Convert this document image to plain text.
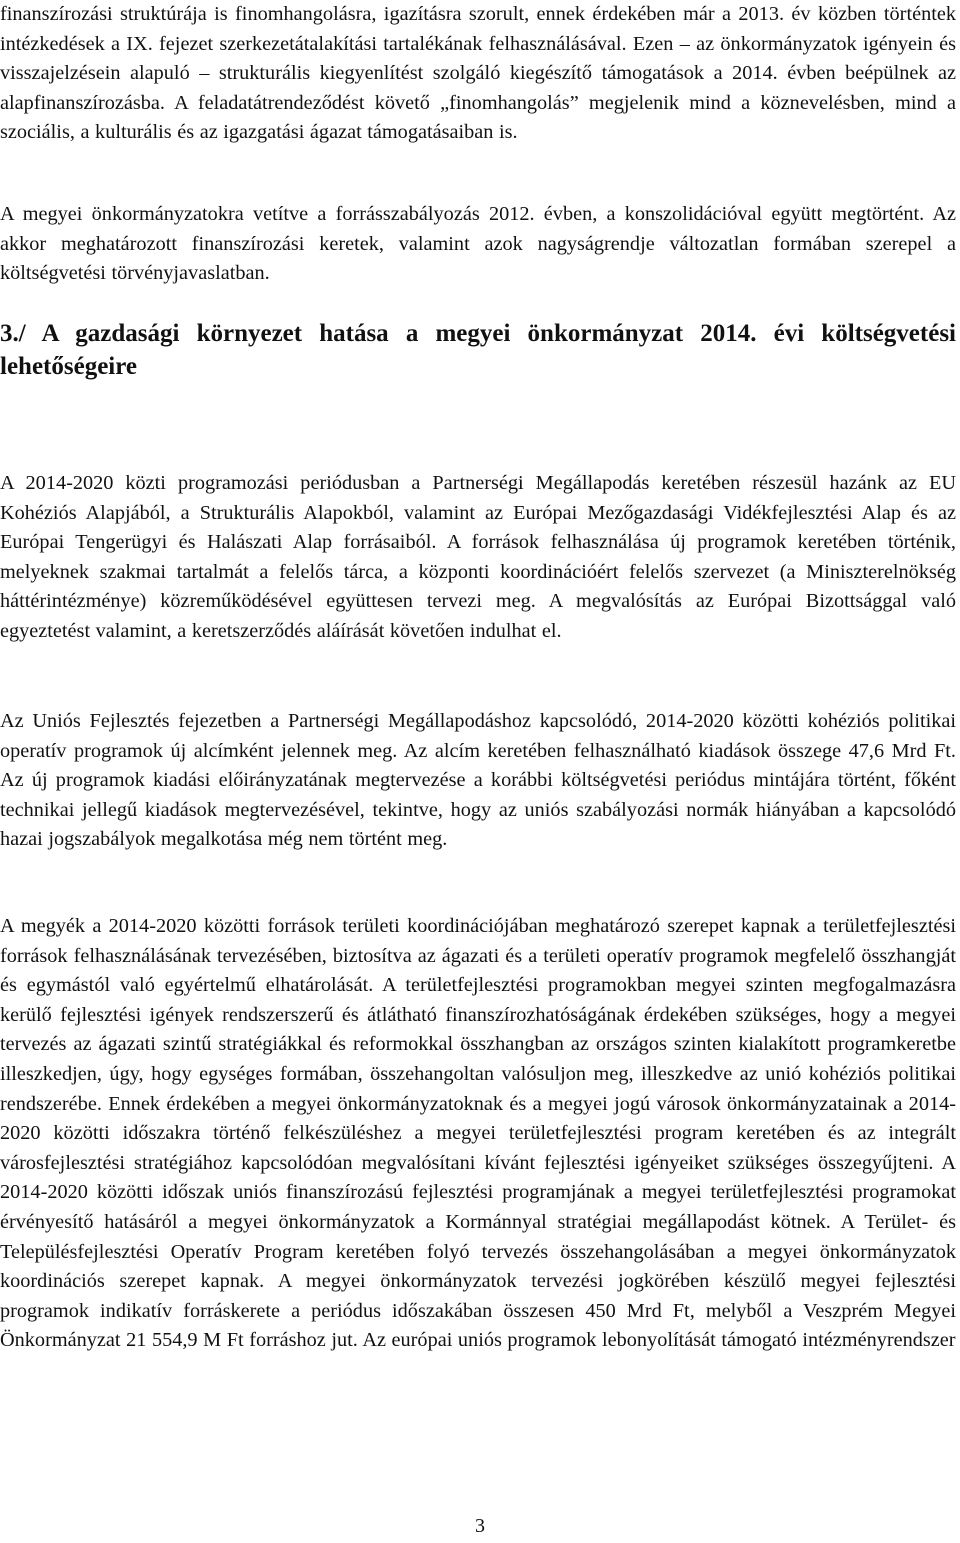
finanszírozási struktúrája is finomhangolásra, igazításra szorult, ennek érdekében már a 2013. év közben történtek intézkedések a IX. fejezet szerkezetátalakítási tartalékának felhasználásával. Ezen – az önkormányzatok igényein és visszajelzésein alapuló – strukturális kiegyenlítést szolgáló kiegészítő támogatások a 2014. évben beépülnek az alapfinanszírozásba. A feladatátrendeződést követő „finomhangolás” megjelenik mind a köznevelésben, mind a szociális, a kulturális és az igazgatási ágazat támogatásaiban is.

A megyei önkormányzatokra vetítve a forrásszabályozás 2012. évben, a konszolidációval együtt megtörtént. Az akkor meghatározott finanszírozási keretek, valamint azok nagyságrendje változatlan formában szerepel a költségvetési törvényjavaslatban.

3./ A gazdasági környezet hatása a megyei önkormányzat 2014. évi költségvetési lehetőségeire

A 2014-2020 közti programozási periódusban a Partnerségi Megállapodás keretében részesül hazánk az EU Kohéziós Alapjából, a Strukturális Alapokból, valamint az Európai Mezőgazdasági Vidékfejlesztési Alap és az Európai Tengerügyi és Halászati Alap forrásaiból. A források felhasználása új programok keretében történik, melyeknek szakmai tartalmát a felelős tárca, a központi koordinációért felelős szervezet (a Miniszterelnökség háttérintézménye) közreműködésével együttesen tervezi meg. A megvalósítás az Európai Bizottsággal való egyeztetést valamint, a keretszerződés aláírását követően indulhat el.

Az Uniós Fejlesztés fejezetben a Partnerségi Megállapodáshoz kapcsolódó, 2014-2020 közötti kohéziós politikai operatív programok új alcímként jelennek meg. Az alcím keretében felhasználható kiadások összege 47,6 Mrd Ft. Az új programok kiadási előirányzatának megtervezése a korábbi költségvetési periódus mintájára történt, főként technikai jellegű kiadások megtervezésével, tekintve, hogy az uniós szabályozási normák hiányában a kapcsolódó hazai jogszabályok megalkotása még nem történt meg.

A megyék a 2014-2020 közötti források területi koordinációjában meghatározó szerepet kapnak a területfejlesztési források felhasználásának tervezésében, biztosítva az ágazati és a területi operatív programok megfelelő összhangját és egymástól való egyértelmű elhatárolását. A területfejlesztési programokban megyei szinten megfogalmazásra kerülő fejlesztési igények rendszerszerű és átlátható finanszírozhatóságának érdekében szükséges, hogy a megyei tervezés az ágazati szintű stratégiákkal és reformokkal összhangban az országos szinten kialakított programkeretbe illeszkedjen, úgy, hogy egységes formában, összehangoltan valósuljon meg, illeszkedve az unió kohéziós politikai rendszerébe. Ennek érdekében a megyei önkormányzatoknak és a megyei jogú városok önkormányzatainak a 2014-2020 közötti időszakra történő felkészüléshez a megyei területfejlesztési program keretében és az integrált városfejlesztési stratégiához kapcsolódóan megvalósítani kívánt fejlesztési igényeiket szükséges összegyűjteni. A 2014-2020 közötti időszak uniós finanszírozású fejlesztési programjának a megyei területfejlesztési programokat érvényesítő hatásáról a megyei önkormányzatok a Kormánnyal stratégiai megállapodást kötnek. A Terület- és Településfejlesztési Operatív Program keretében folyó tervezés összehangolásában a megyei önkormányzatok koordinációs szerepet kapnak. A megyei önkormányzatok tervezési jogkörében készülő megyei fejlesztési programok indikatív forráskerete a periódus időszakában összesen 450 Mrd Ft, melyből a Veszprém Megyei Önkormányzat 21 554,9 M Ft forráshoz jut. Az európai uniós programok lebonyolítását támogató intézményrendszer

3
